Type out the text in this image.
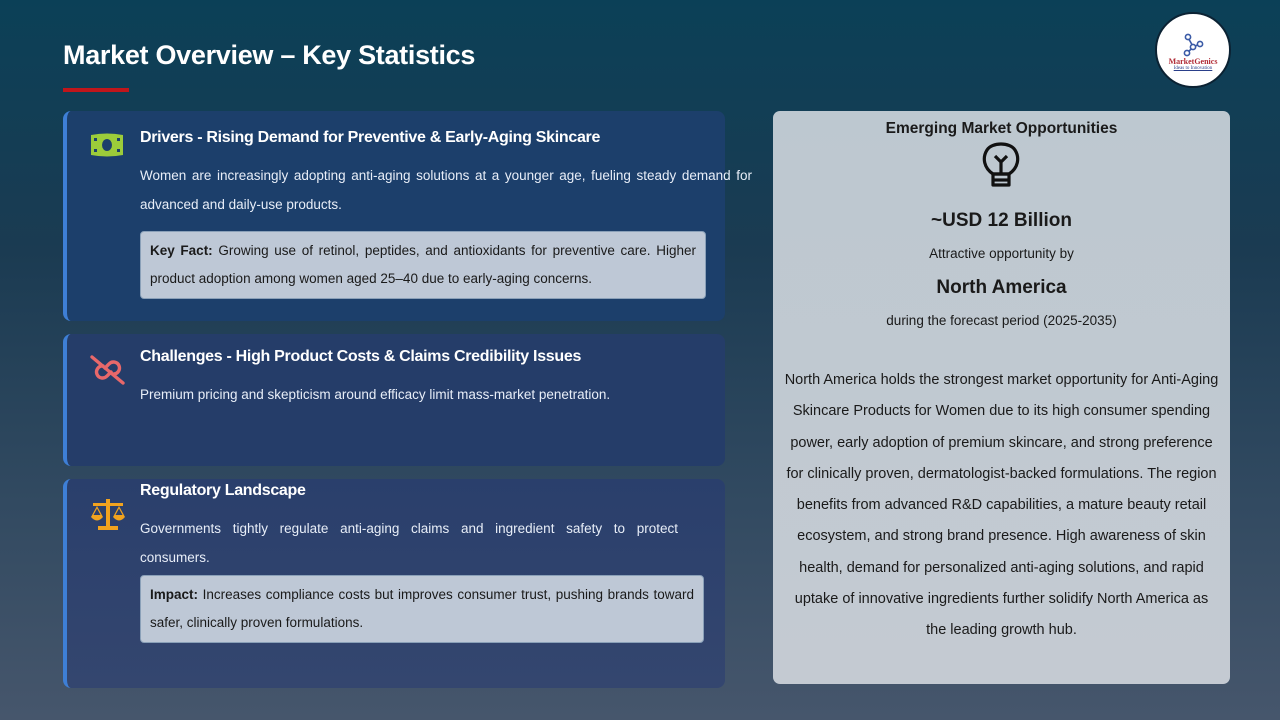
Market Overview – Key Statistics	MarketGenics
Ideas to Innovation
Drivers - Rising Demand for Preventive & Early-Aging Skincare
Women are increasingly adopting anti-aging solutions at a younger age, fueling steady demand for advanced and daily-use products.
Key Fact: Growing use of retinol, peptides, and antioxidants for preventive care. Higher product adoption among women aged 25–40 due to early-aging concerns.
Challenges - High Product Costs & Claims Credibility Issues
Premium pricing and skepticism around efficacy limit mass-market penetration.
Regulatory Landscape
Governments tightly regulate anti-aging claims and ingredient safety to protect consumers.
Impact: Increases compliance costs but improves consumer trust, pushing brands toward safer, clinically proven formulations.
Emerging Market Opportunities
~USD 12 Billion
Attractive opportunity by
North America
during the forecast period (2025-2035)
North America holds the strongest market opportunity for Anti-Aging Skincare Products for Women due to its high consumer spending power, early adoption of premium skincare, and strong preference for clinically proven, dermatologist-backed formulations. The region benefits from advanced R&D capabilities, a mature beauty retail ecosystem, and strong brand presence. High awareness of skin health, demand for personalized anti-aging solutions, and rapid uptake of innovative ingredients further solidify North America as the leading growth hub.
